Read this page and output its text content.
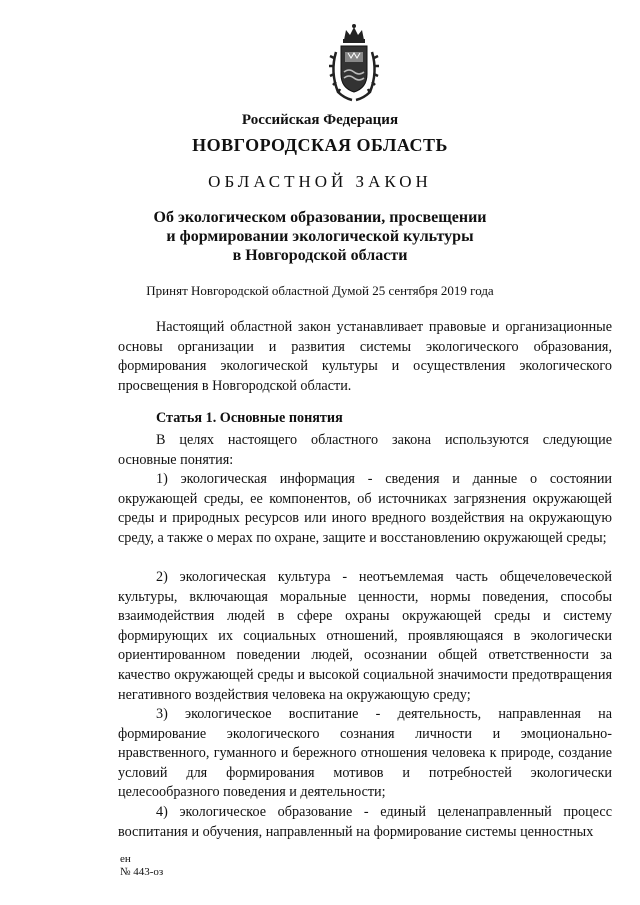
Российская Федерация
НОВГОРОДСКАЯ ОБЛАСТЬ
ОБЛАСТНОЙ ЗАКОН
Об экологическом образовании, просвещении
и формировании экологической культуры
в Новгородской области
Принят Новгородской областной Думой 25 сентября 2019 года

Настоящий областной закон устанавливает правовые и организационные основы организации и развития системы экологического образования, формирования экологической культуры и осуществления экологического просвещения в Новгородской области.

Статья 1. Основные понятия

В целях настоящего областного закона используются следующие основные понятия:

1) экологическая информация - сведения и данные о состоянии окружающей среды, ее компонентов, об источниках загрязнения окружающей среды и природных ресурсов или иного вредного воздействия на окружающую среду, а также о мерах по охране, защите и восстановлению окружающей среды;

2) экологическая культура - неотъемлемая часть общечеловеческой культуры, включающая моральные ценности, нормы поведения, способы взаимодействия людей в сфере охраны окружающей среды и систему формирующих их социальных отношений, проявляющаяся в экологически ориентированном поведении людей, осознании общей ответственности за качество окружающей среды и высокой социальной значимости предотвращения негативного воздействия человека на окружающую среду;

3) экологическое воспитание - деятельность, направленная на формирование экологического сознания личности и эмоционально-нравственного, гуманного и бережного отношения человека к природе, создание условий для формирования мотивов и потребностей экологически целесообразного поведения и деятельности;

4) экологическое образование - единый целенаправленный процесс воспитания и обучения, направленный на формирование системы ценностных

ен
№ 443-оз
